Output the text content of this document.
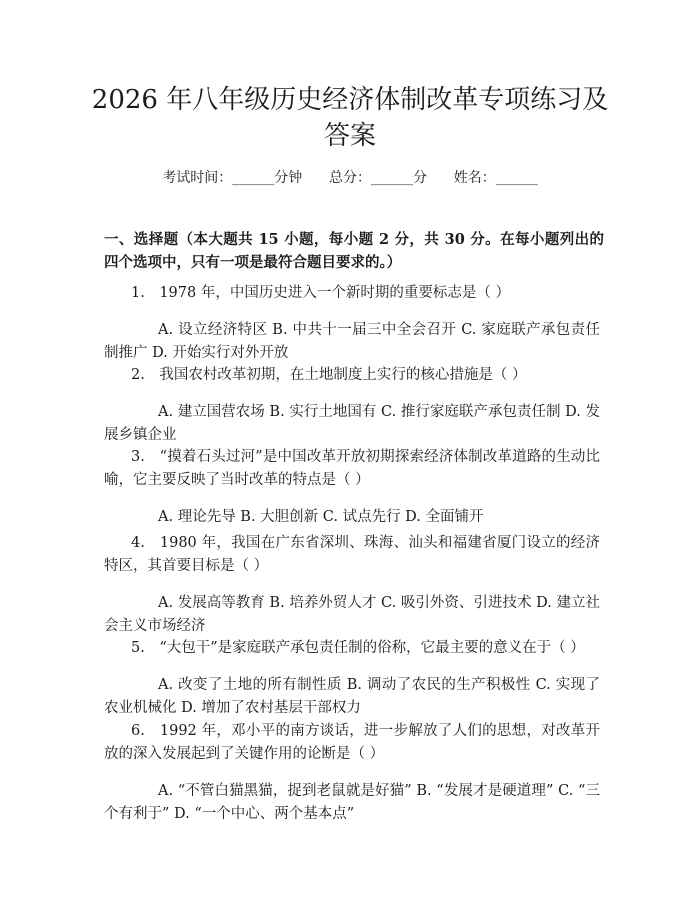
2026 年八年级历史经济体制改革专项练习及
答案
考试时间：______分钟      总分：______分      姓名：______
一、选择题（本大题共 15 小题，每小题 2 分，共 30 分。在每小题列出的四个选项中，只有一项是最符合题目要求的。）
1.　1978 年，中国历史进入一个新时期的重要标志是（ ）
A. 设立经济特区 B. 中共十一届三中全会召开 C. 家庭联产承包责任制推广 D. 开始实行对外开放
2.　我国农村改革初期，在土地制度上实行的核心措施是（ ）
A. 建立国营农场 B. 实行土地国有 C. 推行家庭联产承包责任制 D. 发展乡镇企业
3.　“摸着石头过河”是中国改革开放初期探索经济体制改革道路的生动比喻，它主要反映了当时改革的特点是（ ）
A. 理论先导 B. 大胆创新 C. 试点先行 D. 全面铺开
4.　1980 年，我国在广东省深圳、珠海、汕头和福建省厦门设立的经济特区，其首要目标是（ ）
A. 发展高等教育 B. 培养外贸人才 C. 吸引外资、引进技术 D. 建立社会主义市场经济
5.　“大包干”是家庭联产承包责任制的俗称，它最主要的意义在于（ ）
A. 改变了土地的所有制性质 B. 调动了农民的生产积极性 C. 实现了农业机械化 D. 增加了农村基层干部权力
6.　1992 年，邓小平的南方谈话，进一步解放了人们的思想，对改革开放的深入发展起到了关键作用的论断是（ ）
A. “不管白猫黑猫，捉到老鼠就是好猫” B. “发展才是硬道理” C. “三个有利于” D. “一个中心、两个基本点”
